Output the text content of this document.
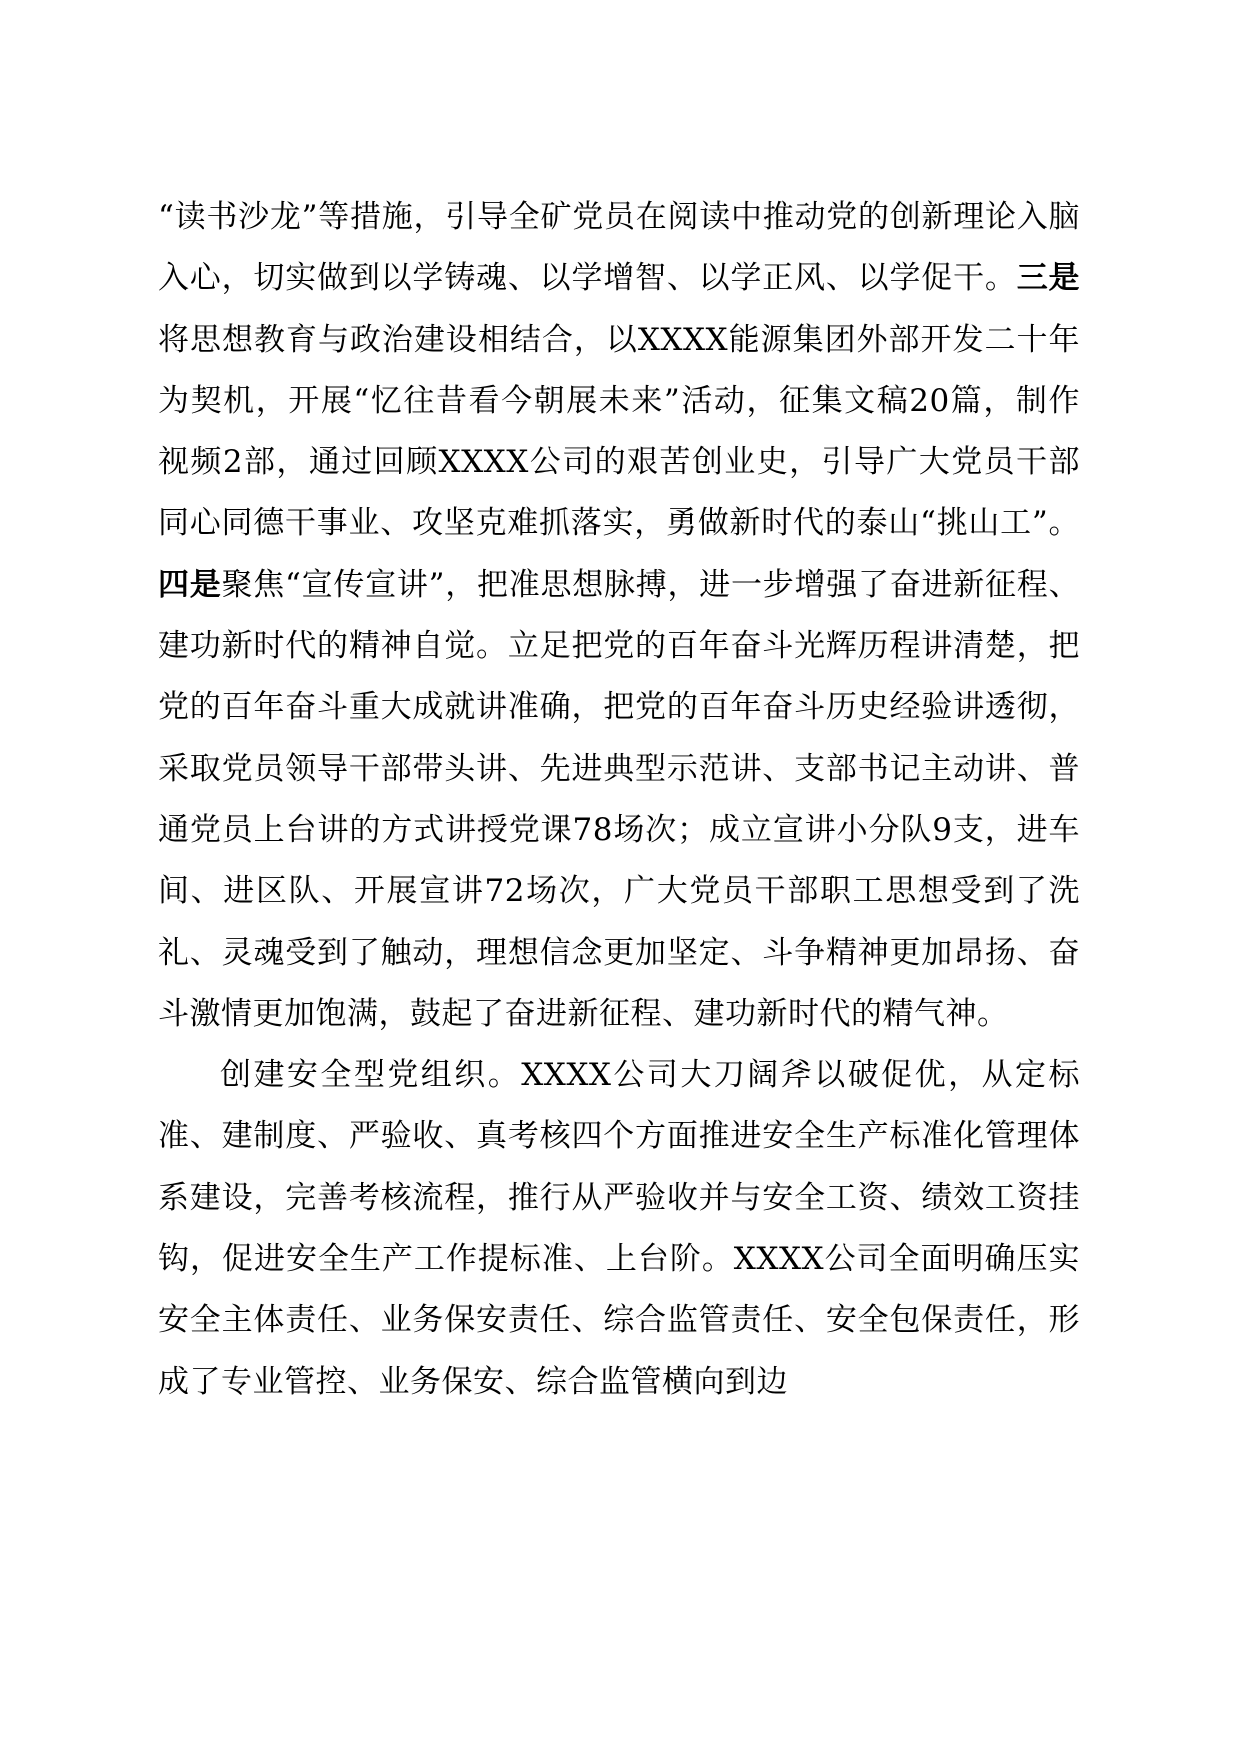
“读书沙龙”等措施，引导全矿党员在阅读中推动党的创新理论入脑入心，切实做到以学铸魂、以学增智、以学正风、以学促干。三是将思想教育与政治建设相结合，以XXXX能源集团外部开发二十年为契机，开展“忆往昔看今朝展未来”活动，征集文稿20篇，制作视频2部，通过回顾XXXX公司的艰苦创业史，引导广大党员干部同心同德干事业、攻坚克难抓落实，勇做新时代的泰山“挑山工”。四是聚焦“宣传宣讲”，把准思想脉搏，进一步增强了奋进新征程、建功新时代的精神自觉。立足把党的百年奋斗光辉历程讲清楚，把党的百年奋斗重大成就讲准确，把党的百年奋斗历史经验讲透彻，采取党员领导干部带头讲、先进典型示范讲、支部书记主动讲、普通党员上台讲的方式讲授党课78场次；成立宣讲小分队9支，进车间、进区队、开展宣讲72场次，广大党员干部职工思想受到了洗礼、灵魂受到了触动，理想信念更加坚定、斗争精神更加昂扬、奋斗激情更加饱满，鼓起了奋进新征程、建功新时代的精气神。

创建安全型党组织。XXXX公司大刀阔斧以破促优，从定标准、建制度、严验收、真考核四个方面推进安全生产标准化管理体系建设，完善考核流程，推行从严验收并与安全工资、绩效工资挂钩，促进安全生产工作提标准、上台阶。XXXX公司全面明确压实安全主体责任、业务保安责任、综合监管责任、安全包保责任，形成了专业管控、业务保安、综合监管横向到边
